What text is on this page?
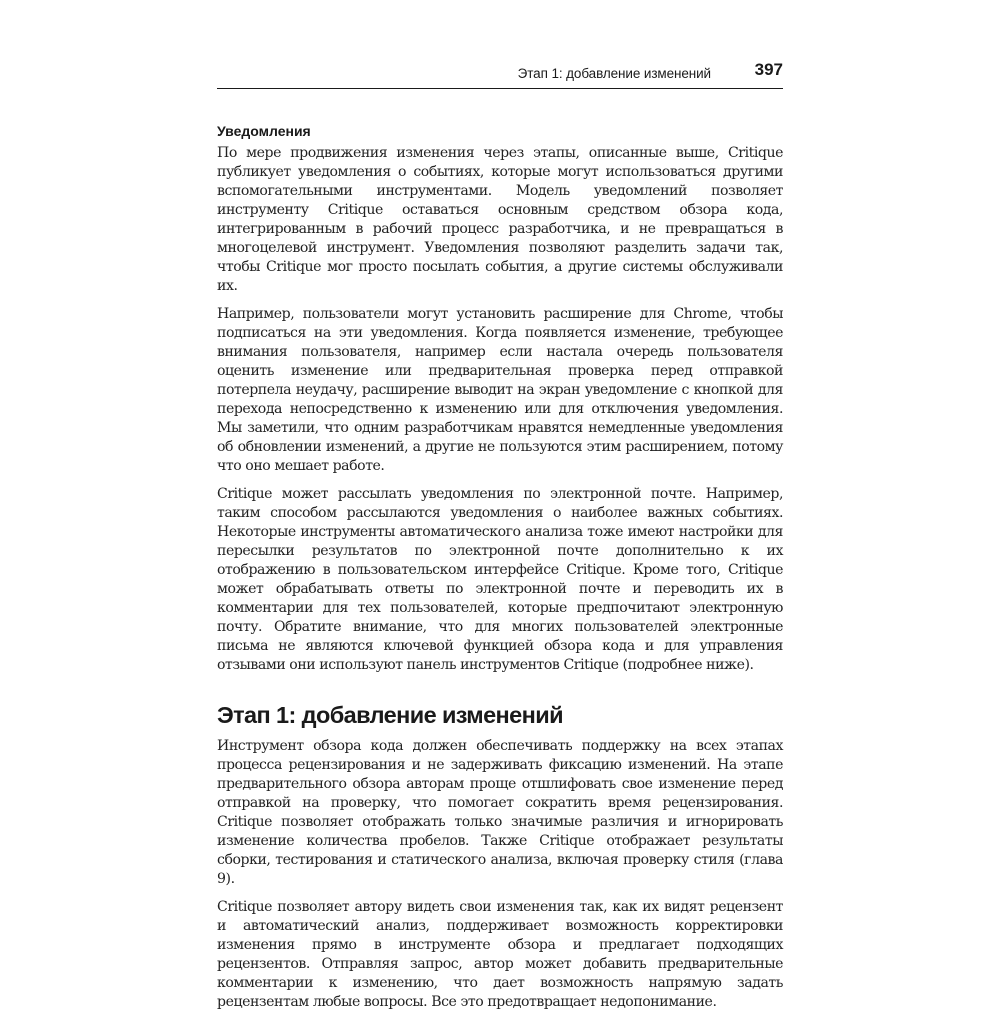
Этап 1: добавление изменений	397
Уведомления

По мере продвижения изменения через этапы, описанные выше, Critique публикует уведомления о событиях, которые могут использоваться другими вспомогательными инструментами. Модель уведомлений позволяет инструменту Critique оставаться основным средством обзора кода, интегрированным в рабочий процесс разработчика, и не превращаться в многоцелевой инструмент. Уведомления позволяют разделить задачи так, чтобы Critique мог просто посылать события, а другие системы обслуживали их.

Например, пользователи могут установить расширение для Chrome, чтобы подписаться на эти уведомления. Когда появляется изменение, требующее внимания пользователя, например если настала очередь пользователя оценить изменение или предварительная проверка перед отправкой потерпела неудачу, расширение выводит на экран уведомление с кнопкой для перехода непосредственно к изменению или для отключения уведомления. Мы заметили, что одним разработчикам нравятся немедленные уведомления об обновлении изменений, а другие не пользуются этим расширением, потому что оно мешает работе.

Critique может рассылать уведомления по электронной почте. Например, таким способом рассылаются уведомления о наиболее важных событиях. Некоторые инструменты автоматического анализа тоже имеют настройки для пересылки результатов по электронной почте дополнительно к их отображению в пользовательском интерфейсе Critique. Кроме того, Critique может обрабатывать ответы по электронной почте и переводить их в комментарии для тех пользователей, которые предпочитают электронную почту. Обратите внимание, что для многих пользователей электронные письма не являются ключевой функцией обзора кода и для управления отзывами они используют панель инструментов Critique (подробнее ниже).

Этап 1: добавление изменений

Инструмент обзора кода должен обеспечивать поддержку на всех этапах процесса рецензирования и не задерживать фиксацию изменений. На этапе предварительного обзора авторам проще отшлифовать свое изменение перед отправкой на проверку, что помогает сократить время рецензирования. Critique позволяет отображать только значимые различия и игнорировать изменение количества пробелов. Также Critique отображает результаты сборки, тестирования и статического анализа, включая проверку стиля (глава 9).

Critique позволяет автору видеть свои изменения так, как их видят рецензент и автоматический анализ, поддерживает возможность корректировки изменения прямо в инструменте обзора и предлагает подходящих рецензентов. Отправляя запрос, автор может добавить предварительные комментарии к изменению, что дает возможность напрямую задать рецензентам любые вопросы. Все это предотвращает недопонимание.
